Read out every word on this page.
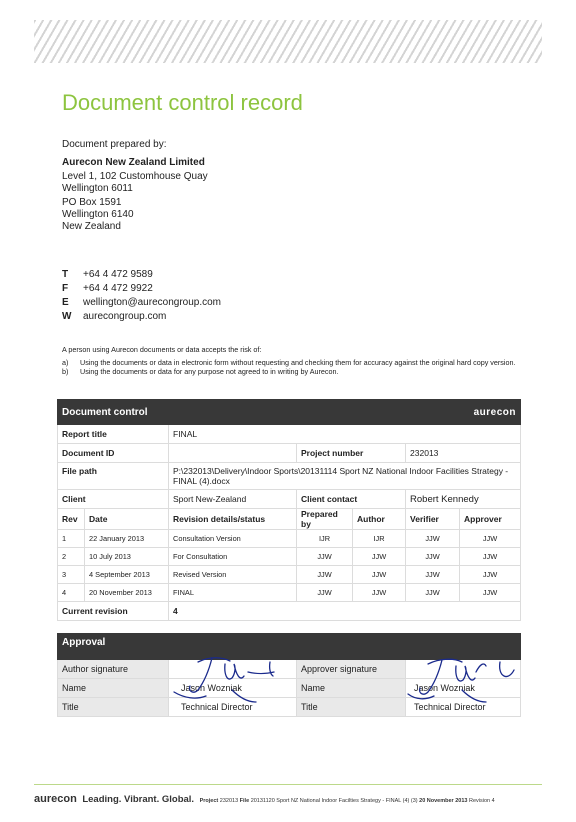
Document control record
Document prepared by:
Aurecon New Zealand Limited
Level 1, 102 Customhouse Quay
Wellington 6011
PO Box 1591
Wellington 6140
New Zealand
T +64 4 472 9589
F +64 4 472 9922
E wellington@aurecongroup.com
W aurecongroup.com
A person using Aurecon documents or data accepts the risk of:
a)	Using the documents or data in electronic form without requesting and checking them for accuracy against the original hard copy version.
b)	Using the documents or data for any purpose not agreed to in writing by Aurecon.
Document control					aurecon	
Report title		FINAL				
Document ID			Project number		232013	
File path		P:\232013\Delivery\Indoor Sports\20131114 Sport NZ National Indoor Facilities Strategy -FINAL (4).docx				
Client		Sport New-Zealand	Client contact		Robert Kennedy	
Rev	Date	Revision details/status	Prepared by	Author	Verifier	Approver
1	22 January 2013	Consultation Version	IJR	IJR	JJW	JJW
2	10 July 2013	For Consultation	JJW	JJW	JJW	JJW
3	4 September 2013	Revised Version	JJW	JJW	JJW	JJW
4	20 November 2013	FINAL	JJW	JJW	JJW	JJW
Current revision		4				
Approval			
Author signature		Approver signature	
Name	Jason Wozniak	Name	Jason Wozniak
Title	Technical Director	Title	Technical Director
aurecon Leading. Vibrant. Global. Project 232013 File 20131120 Sport NZ National Indoor Facilties Strategy - FINAL (4) (3) 20 November 2013 Revision 4
